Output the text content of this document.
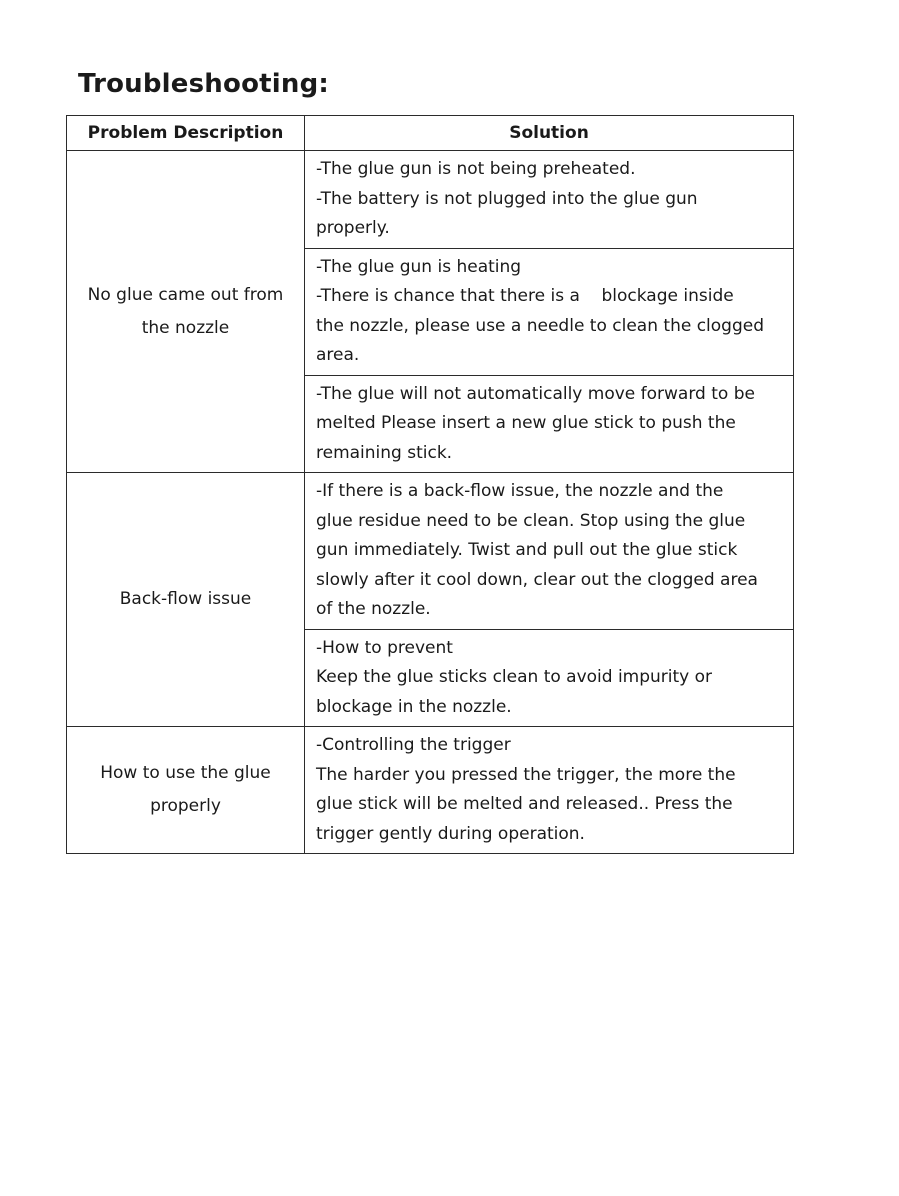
Troubleshooting:
Problem Description	Solution
No glue came out from
the nozzle	-The glue gun is not being preheated.
-The battery is not plugged into the glue gun
properly.

	-The glue gun is heating
-There is chance that there is a    blockage inside
the nozzle, please use a needle to clean the clogged
area.

	-The glue will not automatically move forward to be
melted Please insert a new glue stick to push the
remaining stick.

Back-flow issue	-If there is a back-flow issue, the nozzle and the
glue residue need to be clean. Stop using the glue
gun immediately. Twist and pull out the glue stick
slowly after it cool down, clear out the clogged area
of the nozzle.

	-How to prevent
Keep the glue sticks clean to avoid impurity or
blockage in the nozzle.

How to use the glue
properly	-Controlling the trigger
The harder you pressed the trigger, the more the
glue stick will be melted and released.. Press the
trigger gently during operation.
